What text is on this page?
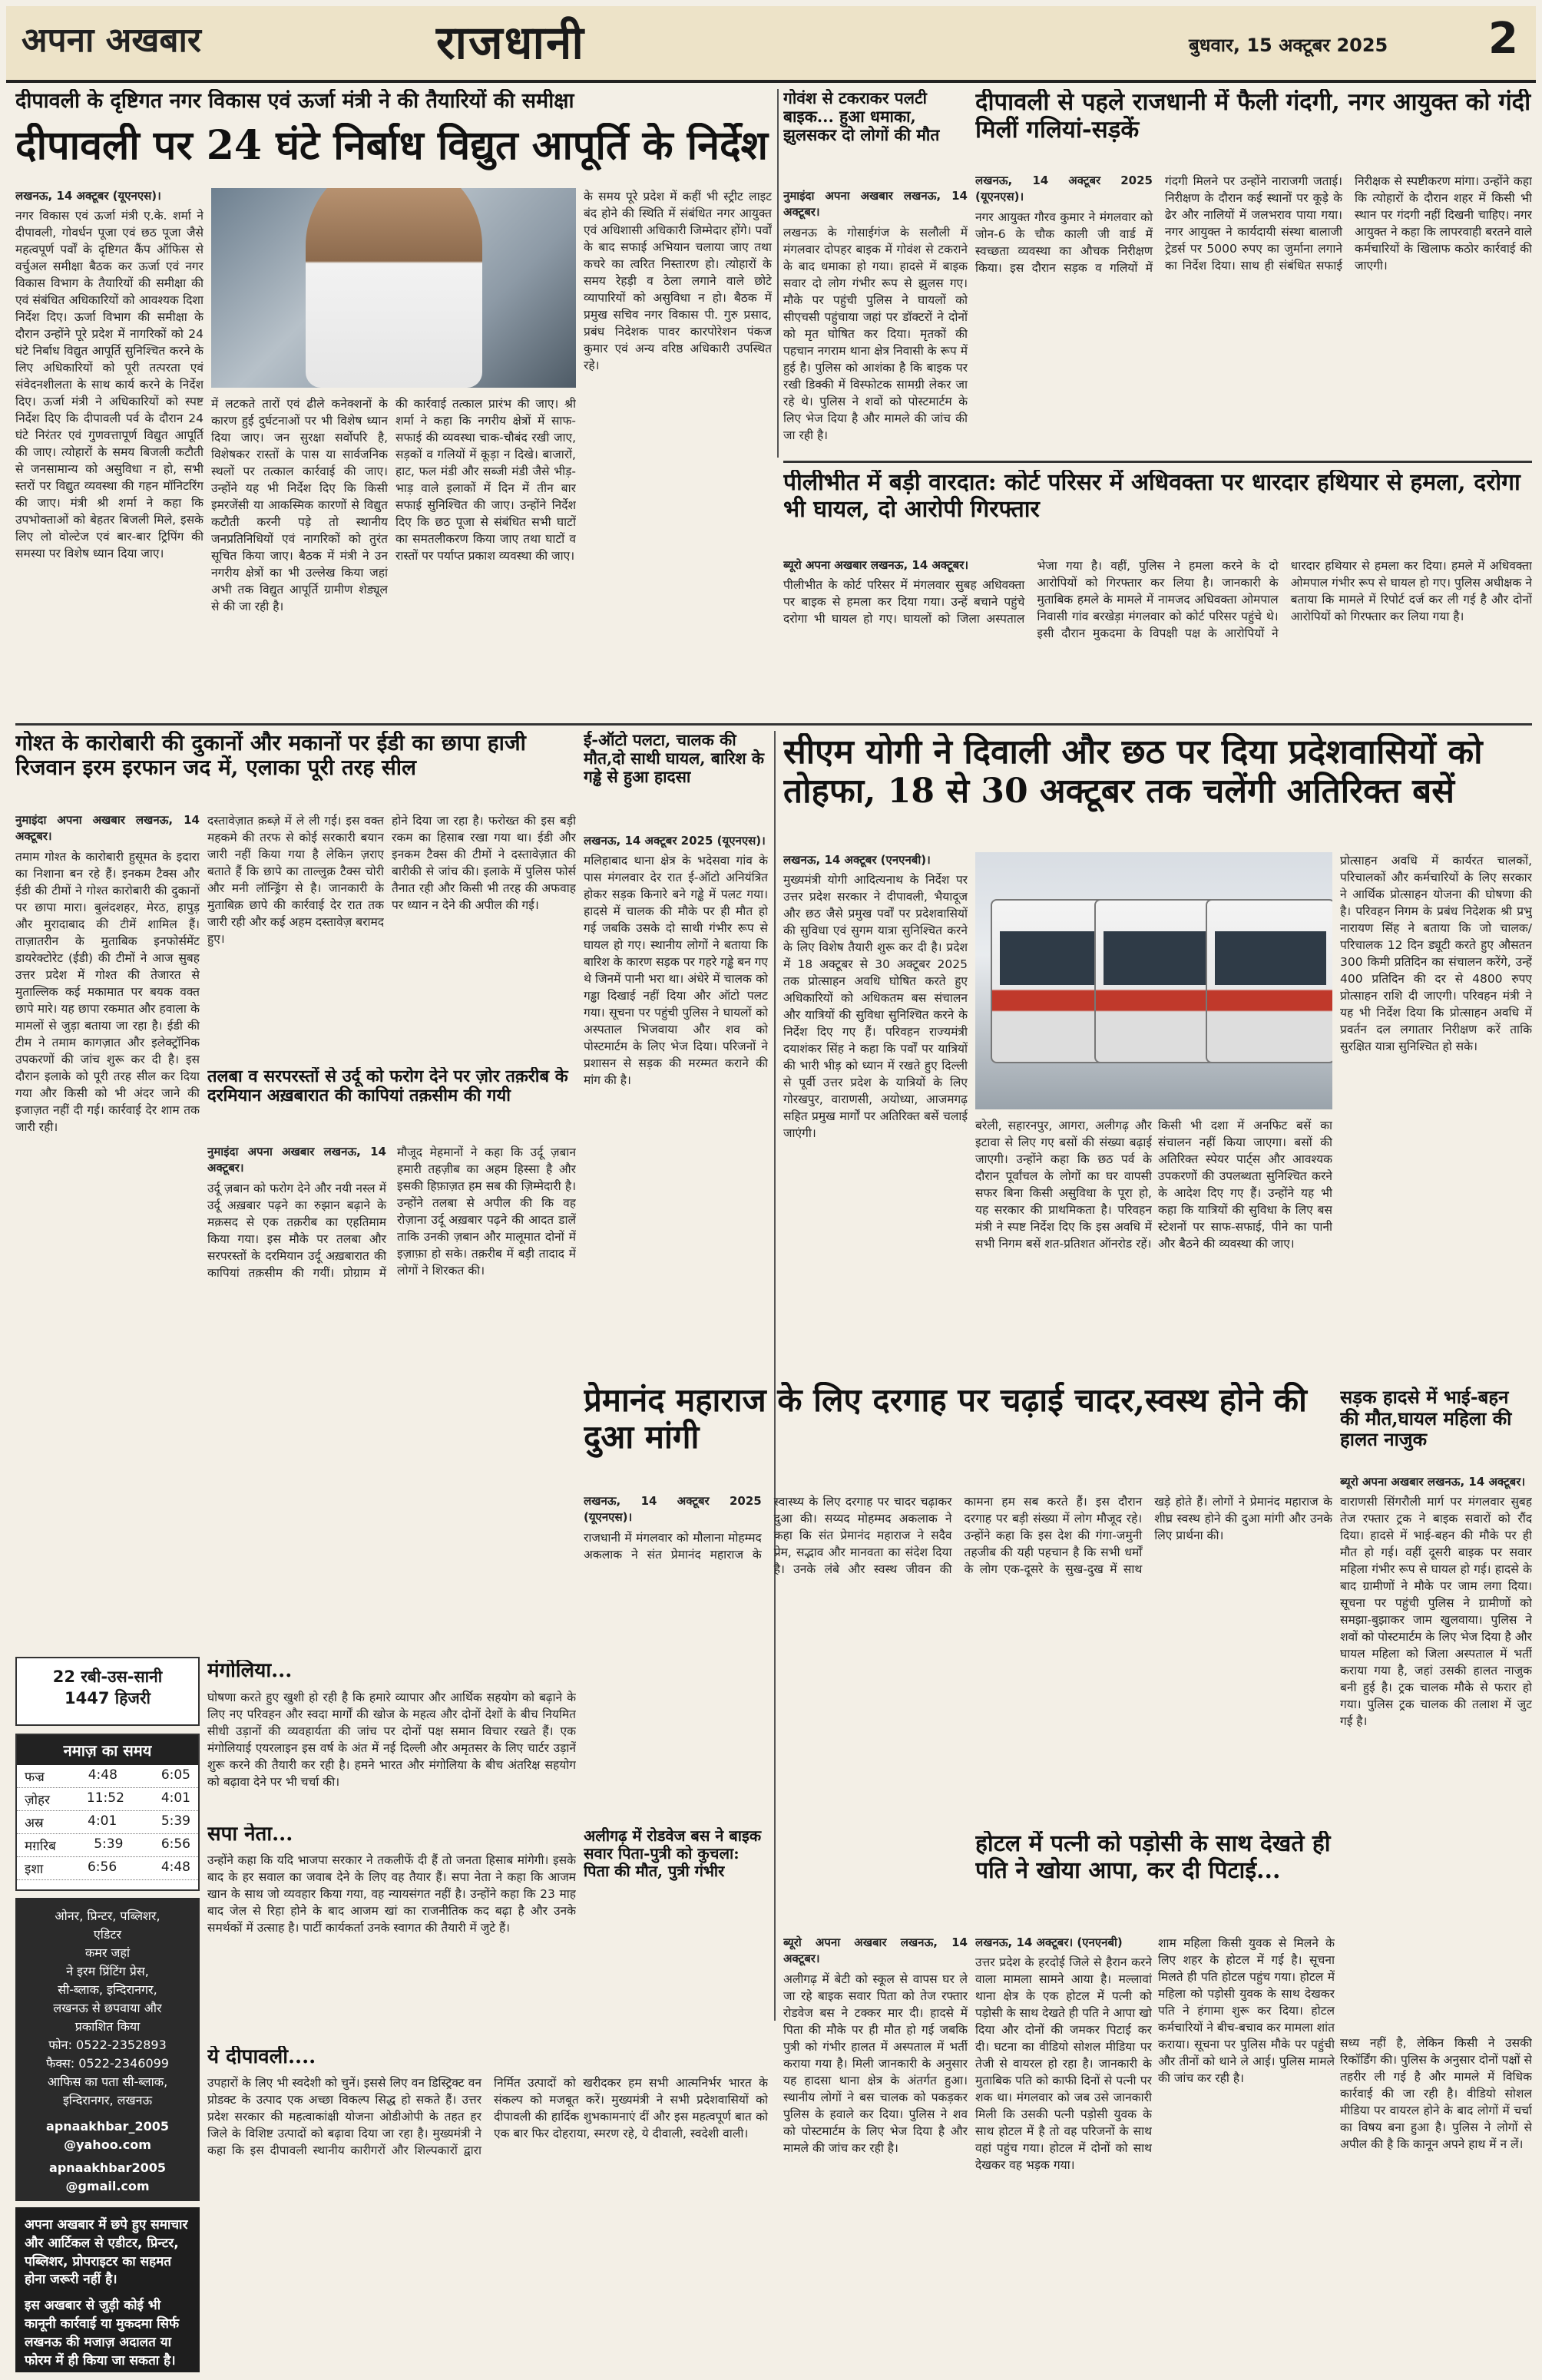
अपना अखबार	राजधानी	बुधवार, 15 अक्टूबर 2025 2
दीपावली के दृष्टिगत नगर विकास एवं ऊर्जा मंत्री ने की तैयारियों की समीक्षा
दीपावली पर 24 घंटे निर्बाध विद्युत आपूर्ति के निर्देश
लखनऊ, 14 अक्टूबर (यूएनएस)।

नगर विकास एवं ऊर्जा मंत्री ए.के. शर्मा ने दीपावली, गोवर्धन पूजा एवं छठ पूजा जैसे महत्वपूर्ण पर्वों के दृष्टिगत कैंप ऑफिस से वर्चुअल समीक्षा बैठक कर ऊर्जा एवं नगर विकास विभाग के तैयारियों की समीक्षा की एवं संबंधित अधिकारियों को आवश्यक दिशा निर्देश दिए। ऊर्जा विभाग की समीक्षा के दौरान उन्होंने पूरे प्रदेश में नागरिकों को 24 घंटे निर्बाध विद्युत आपूर्ति सुनिश्चित करने के लिए अधिकारियों को पूरी तत्परता एवं संवेदनशीलता के साथ कार्य करने के निर्देश दिए। ऊर्जा मंत्री ने अधिकारियों को स्पष्ट निर्देश दिए कि दीपावली पर्व के दौरान 24 घंटे निरंतर एवं गुणवत्तापूर्ण विद्युत आपूर्ति की जाए। त्योहारों के समय बिजली कटौती से जनसामान्य को असुविधा न हो, सभी स्तरों पर विद्युत व्यवस्था की गहन मॉनिटरिंग की जाए। मंत्री श्री शर्मा ने कहा कि उपभोक्ताओं को बेहतर बिजली मिले, इसके लिए लो वोल्टेज एवं बार-बार ट्रिपिंग की समस्या पर विशेष ध्यान दिया जाए।

में लटकते तारों एवं ढीले कनेक्शनों के कारण हुई दुर्घटनाओं पर भी विशेष ध्यान दिया जाए। जन सुरक्षा सर्वोपरि है, विशेषकर रास्तों के पास या सार्वजनिक स्थलों पर तत्काल कार्रवाई की जाए। उन्होंने यह भी निर्देश दिए कि किसी इमरजेंसी या आकस्मिक कारणों से विद्युत कटौती करनी पड़े तो स्थानीय जनप्रतिनिधियों एवं नागरिकों को तुरंत सूचित किया जाए। बैठक में मंत्री ने उन नगरीय क्षेत्रों का भी उल्लेख किया जहां अभी तक विद्युत आपूर्ति ग्रामीण शेड्यूल से की जा रही है।

की कार्रवाई तत्काल प्रारंभ की जाए। श्री शर्मा ने कहा कि नगरीय क्षेत्रों में साफ-सफाई की व्यवस्था चाक-चौबंद रखी जाए, सड़कों व गलियों में कूड़ा न दिखे। बाजारों, हाट, फल मंडी और सब्जी मंडी जैसे भीड़-भाड़ वाले इलाकों में दिन में तीन बार सफाई सुनिश्चित की जाए। उन्होंने निर्देश दिए कि छठ पूजा से संबंधित सभी घाटों का समतलीकरण किया जाए तथा घाटों व रास्तों पर पर्याप्त प्रकाश व्यवस्था की जाए।

के समय पूरे प्रदेश में कहीं भी स्ट्रीट लाइट बंद होने की स्थिति में संबंधित नगर आयुक्त एवं अधिशासी अधिकारी जिम्मेदार होंगे। पर्वों के बाद सफाई अभियान चलाया जाए तथा कचरे का त्वरित निस्तारण हो। त्योहारों के समय रेहड़ी व ठेला लगाने वाले छोटे व्यापारियों को असुविधा न हो। बैठक में प्रमुख सचिव नगर विकास पी. गुरु प्रसाद, प्रबंध निदेशक पावर कारपोरेशन पंकज कुमार एवं अन्य वरिष्ठ अधिकारी उपस्थित रहे।

गोवंश से टकराकर पलटी बाइक... हुआ धमाका, झुलसकर दो लोगों की मौत
नुमाइंदा अपना अखबार लखनऊ, 14 अक्टूबर।

लखनऊ के गोसाईगंज के सलौली में मंगलवार दोपहर बाइक में गोवंश से टकराने के बाद धमाका हो गया। हादसे में बाइक सवार दो लोग गंभीर रूप से झुलस गए। मौके पर पहुंची पुलिस ने घायलों को सीएचसी पहुंचाया जहां पर डॉक्टरों ने दोनों को मृत घोषित कर दिया। मृतकों की पहचान नगराम थाना क्षेत्र निवासी के रूप में हुई है। पुलिस को आशंका है कि बाइक पर रखी डिक्की में विस्फोटक सामग्री लेकर जा रहे थे। पुलिस ने शवों को पोस्टमार्टम के लिए भेज दिया है और मामले की जांच की जा रही है।

दीपावली से पहले राजधानी में फैली गंदगी, नगर आयुक्त को गंदी मिलीं गलियां-सड़कें
लखनऊ, 14 अक्टूबर 2025 (यूएनएस)।

नगर आयुक्त गौरव कुमार ने मंगलवार को जोन-6 के चौक काली जी वार्ड में स्वच्छता व्यवस्था का औचक निरीक्षण किया। इस दौरान सड़क व गलियों में गंदगी मिलने पर उन्होंने नाराजगी जताई। निरीक्षण के दौरान कई स्थानों पर कूड़े के ढेर और नालियों में जलभराव पाया गया। नगर आयुक्त ने कार्यदायी संस्था बालाजी ट्रेडर्स पर 5000 रुपए का जुर्माना लगाने का निर्देश दिया। साथ ही संबंधित सफाई निरीक्षक से स्पष्टीकरण मांगा। उन्होंने कहा कि त्योहारों के दौरान शहर में किसी भी स्थान पर गंदगी नहीं दिखनी चाहिए। नगर आयुक्त ने कहा कि लापरवाही बरतने वाले कर्मचारियों के खिलाफ कठोर कार्रवाई की जाएगी।

पीलीभीत में बड़ी वारदात: कोर्ट परिसर में अधिवक्ता पर धारदार हथियार से हमला, दरोगा भी घायल, दो आरोपी गिरफ्तार
ब्यूरो अपना अखबार लखनऊ, 14 अक्टूबर।

पीलीभीत के कोर्ट परिसर में मंगलवार सुबह अधिवक्ता पर बाइक से हमला कर दिया गया। उन्हें बचाने पहुंचे दरोगा भी घायल हो गए। घायलों को जिला अस्पताल भेजा गया है। वहीं, पुलिस ने हमला करने के दो आरोपियों को गिरफ्तार कर लिया है। जानकारी के मुताबिक हमले के मामले में नामजद अधिवक्ता ओमपाल निवासी गांव बरखेड़ा मंगलवार को कोर्ट परिसर पहुंचे थे। इसी दौरान मुकदमा के विपक्षी पक्ष के आरोपियों ने धारदार हथियार से हमला कर दिया। हमले में अधिवक्ता ओमपाल गंभीर रूप से घायल हो गए। पुलिस अधीक्षक ने बताया कि मामले में रिपोर्ट दर्ज कर ली गई है और दोनों आरोपियों को गिरफ्तार कर लिया गया है।

गोश्त के कारोबारी की दुकानों और मकानों पर ईडी का छापा हाजी रिजवान इरम इरफान जद में, एलाका पूरी तरह सील
नुमाइंदा अपना अखबार लखनऊ, 14 अक्टूबर।

तमाम गोश्त के कारोबारी हुसूमत के इदारा का निशाना बन रहे हैं। इनकम टैक्स और ईडी की टीमों ने गोश्त कारोबारी की दुकानों पर छापा मारा। बुलंदशहर, मेरठ, हापुड़ और मुरादाबाद की टीमें शामिल हैं। ताज़ातरीन के मुताबिक इनफोर्समेंट डायरेक्टोरेट (ईडी) की टीमों ने आज सुबह उत्तर प्रदेश में गोश्त की तेजारत से मुताल्लिक कई मकामात पर बयक वक्त छापे मारे। यह छापा रकमात और हवाला के मामलों से जुड़ा बताया जा रहा है। ईडी की टीम ने तमाम कागज़ात और इलेक्ट्रॉनिक उपकरणों की जांच शुरू कर दी है। इस दौरान इलाके को पूरी तरह सील कर दिया गया और किसी को भी अंदर जाने की इजाज़त नहीं दी गई। कार्रवाई देर शाम तक जारी रही।

दस्तावेज़ात क़ब्ज़े में ले ली गई। इस वक्त महकमे की तरफ से कोई सरकारी बयान जारी नहीं किया गया है लेकिन ज़राए बताते हैं कि छापे का ताल्लुक़ टैक्स चोरी और मनी लॉन्ड्रिंग से है। जानकारी के मुताबिक़ छापे की कार्रवाई देर रात तक जारी रही और कई अहम दस्तावेज़ बरामद हुए।

होने दिया जा रहा है। फरोख्त की इस बड़ी रकम का हिसाब रखा गया था। ईडी और इनकम टैक्स की टीमों ने दस्तावेज़ात की बारीकी से जांच की। इलाके में पुलिस फोर्स तैनात रही और किसी भी तरह की अफवाह पर ध्यान न देने की अपील की गई।

तलबा व सरपरस्तों से उर्दू को फरोग देने पर ज़ोर तक़रीब के दरमियान अख़बारात की कापियां तक़सीम की गयी
नुमाइंदा अपना अखबार लखनऊ, 14 अक्टूबर।

उर्दू ज़बान को फरोग देने और नयी नस्ल में उर्दू अख़बार पढ़ने का रुझान बढ़ाने के मक़सद से एक तक़रीब का एहतिमाम किया गया। इस मौके पर तलबा और सरपरस्तों के दरमियान उर्दू अख़बारात की कापियां तक़सीम की गयीं। प्रोग्राम में मौजूद मेहमानों ने कहा कि उर्दू ज़बान हमारी तहज़ीब का अहम हिस्सा है और इसकी हिफ़ाज़त हम सब की ज़िम्मेदारी है। उन्होंने तलबा से अपील की कि वह रोज़ाना उर्दू अख़बार पढ़ने की आदत डालें ताकि उनकी ज़बान और मालूमात दोनों में इज़ाफ़ा हो सके। तक़रीब में बड़ी तादाद में लोगों ने शिरकत की।

ई-ऑटो पलटा, चालक की मौत,दो साथी घायल, बारिश के गड्ढे से हुआ हादसा
लखनऊ, 14 अक्टूबर 2025 (यूएनएस)।

मलिहाबाद थाना क्षेत्र के भदेसवा गांव के पास मंगलवार देर रात ई-ऑटो अनियंत्रित होकर सड़क किनारे बने गड्ढे में पलट गया। हादसे में चालक की मौके पर ही मौत हो गई जबकि उसके दो साथी गंभीर रूप से घायल हो गए। स्थानीय लोगों ने बताया कि बारिश के कारण सड़क पर गहरे गड्ढे बन गए थे जिनमें पानी भरा था। अंधेरे में चालक को गड्ढा दिखाई नहीं दिया और ऑटो पलट गया। सूचना पर पहुंची पुलिस ने घायलों को अस्पताल भिजवाया और शव को पोस्टमार्टम के लिए भेज दिया। परिजनों ने प्रशासन से सड़क की मरम्मत कराने की मांग की है।

सीएम योगी ने दिवाली और छठ पर दिया प्रदेशवासियों को तोहफा, 18 से 30 अक्टूबर तक चलेंगी अतिरिक्त बसें
लखनऊ, 14 अक्टूबर (एनएनबी)।

मुख्यमंत्री योगी आदित्यनाथ के निर्देश पर उत्तर प्रदेश सरकार ने दीपावली, भैयादूज और छठ जैसे प्रमुख पर्वों पर प्रदेशवासियों की सुविधा एवं सुगम यात्रा सुनिश्चित करने के लिए विशेष तैयारी शुरू कर दी है। प्रदेश में 18 अक्टूबर से 30 अक्टूबर 2025 तक प्रोत्साहन अवधि घोषित करते हुए अधिकारियों को अधिकतम बस संचालन और यात्रियों की सुविधा सुनिश्चित करने के निर्देश दिए गए हैं। परिवहन राज्यमंत्री दयाशंकर सिंह ने कहा कि पर्वों पर यात्रियों की भारी भीड़ को ध्यान में रखते हुए दिल्ली से पूर्वी उत्तर प्रदेश के यात्रियों के लिए गोरखपुर, वाराणसी, अयोध्या, आजमगढ़ सहित प्रमुख मार्गों पर अतिरिक्त बसें चलाई जाएंगी।

बरेली, सहारनपुर, आगरा, अलीगढ़ और इटावा से लिए गए बसों की संख्या बढ़ाई जाएगी। उन्होंने कहा कि छठ पर्व के दौरान पूर्वांचल के लोगों का घर वापसी सफर बिना किसी असुविधा के पूरा हो, यह सरकार की प्राथमिकता है। परिवहन मंत्री ने स्पष्ट निर्देश दिए कि इस अवधि में सभी निगम बसें शत-प्रतिशत ऑनरोड रहें।

किसी भी दशा में अनफिट बसें का संचालन नहीं किया जाएगा। बसों की अतिरिक्त स्पेयर पार्ट्स और आवश्यक उपकरणों की उपलब्धता सुनिश्चित करने के आदेश दिए गए हैं। उन्होंने यह भी कहा कि यात्रियों की सुविधा के लिए बस स्टेशनों पर साफ-सफाई, पीने का पानी और बैठने की व्यवस्था की जाए।

प्रोत्साहन अवधि में कार्यरत चालकों, परिचालकों और कर्मचारियों के लिए सरकार ने आर्थिक प्रोत्साहन योजना की घोषणा की है। परिवहन निगम के प्रबंध निदेशक श्री प्रभु नारायण सिंह ने बताया कि जो चालक/परिचालक 12 दिन ड्यूटी करते हुए औसतन 300 किमी प्रतिदिन का संचालन करेंगे, उन्हें 400 प्रतिदिन की दर से 4800 रुपए प्रोत्साहन राशि दी जाएगी। परिवहन मंत्री ने यह भी निर्देश दिया कि प्रोत्साहन अवधि में प्रवर्तन दल लगातार निरीक्षण करें ताकि सुरक्षित यात्रा सुनिश्चित हो सके।

प्रेमानंद महाराज के लिए दरगाह पर चढ़ाई चादर,स्वस्थ होने की दुआ मांगी
सड़क हादसे में भाई-बहन की मौत,घायल महिला की हालत नाजुक
ब्यूरो अपना अखबार लखनऊ, 14 अक्टूबर।

वाराणसी सिंगरौली मार्ग पर मंगलवार सुबह तेज रफ्तार ट्रक ने बाइक सवारों को रौंद दिया। हादसे में भाई-बहन की मौके पर ही मौत हो गई। वहीं दूसरी बाइक पर सवार महिला गंभीर रूप से घायल हो गई। हादसे के बाद ग्रामीणों ने मौके पर जाम लगा दिया। सूचना पर पहुंची पुलिस ने ग्रामीणों को समझा-बुझाकर जाम खुलवाया। पुलिस ने शवों को पोस्टमार्टम के लिए भेज दिया है और घायल महिला को जिला अस्पताल में भर्ती कराया गया है, जहां उसकी हालत नाजुक बनी हुई है। ट्रक चालक मौके से फरार हो गया। पुलिस ट्रक चालक की तलाश में जुट गई है।

लखनऊ, 14 अक्टूबर 2025 (यूएनएस)।

राजधानी में मंगलवार को मौलाना मोहम्मद अकलाक ने संत प्रेमानंद महाराज के स्वास्थ्य के लिए दरगाह पर चादर चढ़ाकर दुआ की। सय्यद मोहम्मद अकलाक ने कहा कि संत प्रेमानंद महाराज ने सदैव प्रेम, सद्भाव और मानवता का संदेश दिया है। उनके लंबे और स्वस्थ जीवन की कामना हम सब करते हैं। इस दौरान दरगाह पर बड़ी संख्या में लोग मौजूद रहे। उन्होंने कहा कि इस देश की गंगा-जमुनी तहजीब की यही पहचान है कि सभी धर्मों के लोग एक-दूसरे के सुख-दुख में साथ खड़े होते हैं। लोगों ने प्रेमानंद महाराज के शीघ्र स्वस्थ होने की दुआ मांगी और उनके लिए प्रार्थना की।

22 रबी-उस-सानी
1447 हिजरी
नमाज़ का समय
फज्र	4:48	6:05
ज़ोहर	11:52	4:01
अस्र	4:01	5:39
मग़रिब	5:39	6:56
इशा	6:56	4:48
ओनर, प्रिन्टर, पब्लिशर,
एडिटर
कमर जहां
ने इरम प्रिंटिंग प्रेस,
सी-ब्लाक, इन्दिरानगर,
लखनऊ से छपवाया और
प्रकाशित किया
फोन: 0522-2352893
फैक्स: 0522-2346099
आफिस का पता सी-ब्लाक,
इन्दिरानगर, लखनऊ
apnaakhbar_2005 @yahoo.com
apnaakhbar2005 @gmail.com
अपना अखबार में छपे हुए समाचार और आर्टिकल से एडीटर, प्रिन्टर, पब्लिशर, प्रोपराइटर का सहमत होना जरूरी नहीं है।
इस अखबार से जुड़ी कोई भी कानूनी कार्रवाई या मुकदमा सिर्फ लखनऊ की मजाज़ अदालत या फोरम में ही किया जा सकता है।
मंगोलिया...

घोषणा करते हुए खुशी हो रही है कि हमारे व्यापार और आर्थिक सहयोग को बढ़ाने के लिए नए परिवहन और स्वदा मार्गों की खोज के महत्व और दोनों देशों के बीच नियमित सीधी उड़ानों की व्यवहार्यता की जांच पर दोनों पक्ष समान विचार रखते हैं। एक मंगोलियाई एयरलाइन इस वर्ष के अंत में नई दिल्ली और अमृतसर के लिए चार्टर उड़ानें शुरू करने की तैयारी कर रही है। हमने भारत और मंगोलिया के बीच अंतरिक्ष सहयोग को बढ़ावा देने पर भी चर्चा की।

सपा नेता...

उन्होंने कहा कि यदि भाजपा सरकार ने तकलीफें दी हैं तो जनता हिसाब मांगेगी। इसके बाद के हर सवाल का जवाब देने के लिए वह तैयार हैं। सपा नेता ने कहा कि आजम खान के साथ जो व्यवहार किया गया, वह न्यायसंगत नहीं है। उन्होंने कहा कि 23 माह बाद जेल से रिहा होने के बाद आजम खां का राजनीतिक कद बढ़ा है और उनके समर्थकों में उत्साह है। पार्टी कार्यकर्ता उनके स्वागत की तैयारी में जुटे हैं।

ये दीपावली....

उपहारों के लिए भी स्वदेशी को चुनें। इससे लिए वन डिस्ट्रिक्ट वन प्रोडक्ट के उत्पाद एक अच्छा विकल्प सिद्ध हो सकते हैं। उत्तर प्रदेश सरकार की महत्वाकांक्षी योजना ओडीओपी के तहत हर जिले के विशिष्ट उत्पादों को बढ़ावा दिया जा रहा है। मुख्यमंत्री ने कहा कि इस दीपावली स्थानीय कारीगरों और शिल्पकारों द्वारा निर्मित उत्पादों को खरीदकर हम सभी आत्मनिर्भर भारत के संकल्प को मजबूत करें। मुख्यमंत्री ने सभी प्रदेशवासियों को दीपावली की हार्दिक शुभकामनाएं दीं और इस महत्वपूर्ण बात को एक बार फिर दोहराया, स्मरण रहे, ये दीवाली, स्वदेशी वाली।

अलीगढ़ में रोडवेज बस ने बाइक सवार पिता-पुत्री को कुचला: पिता की मौत, पुत्री गंभीर
ब्यूरो अपना अखबार लखनऊ, 14 अक्टूबर।

अलीगढ़ में बेटी को स्कूल से वापस घर ले जा रहे बाइक सवार पिता को तेज रफ्तार रोडवेज बस ने टक्कर मार दी। हादसे में पिता की मौके पर ही मौत हो गई जबकि पुत्री को गंभीर हालत में अस्पताल में भर्ती कराया गया है। मिली जानकारी के अनुसार यह हादसा थाना क्षेत्र के अंतर्गत हुआ। स्थानीय लोगों ने बस चालक को पकड़कर पुलिस के हवाले कर दिया। पुलिस ने शव को पोस्टमार्टम के लिए भेज दिया है और मामले की जांच कर रही है।

होटल में पत्नी को पड़ोसी के साथ देखते ही पति ने खोया आपा, कर दी पिटाई...
लखनऊ, 14 अक्टूबर। (एनएनबी)

उत्तर प्रदेश के हरदोई जिले से हैरान करने वाला मामला सामने आया है। मल्लावां थाना क्षेत्र के एक होटल में पत्नी को पड़ोसी के साथ देखते ही पति ने आपा खो दिया और दोनों की जमकर पिटाई कर दी। घटना का वीडियो सोशल मीडिया पर तेजी से वायरल हो रहा है। जानकारी के मुताबिक पति को काफी दिनों से पत्नी पर शक था। मंगलवार को जब उसे जानकारी मिली कि उसकी पत्नी पड़ोसी युवक के साथ होटल में है तो वह परिजनों के साथ वहां पहुंच गया। होटल में दोनों को साथ देखकर वह भड़क गया।

शाम महिला किसी युवक से मिलने के लिए शहर के होटल में गई है। सूचना मिलते ही पति होटल पहुंच गया। होटल में महिला को पड़ोसी युवक के साथ देखकर पति ने हंगामा शुरू कर दिया। होटल कर्मचारियों ने बीच-बचाव कर मामला शांत कराया। सूचना पर पुलिस मौके पर पहुंची और तीनों को थाने ले आई। पुलिस मामले की जांच कर रही है।

सध्य नहीं है, लेकिन किसी ने उसकी रिकॉर्डिंग की। पुलिस के अनुसार दोनों पक्षों से तहरीर ली गई है और मामले में विधिक कार्रवाई की जा रही है। वीडियो सोशल मीडिया पर वायरल होने के बाद लोगों में चर्चा का विषय बना हुआ है। पुलिस ने लोगों से अपील की है कि कानून अपने हाथ में न लें।
